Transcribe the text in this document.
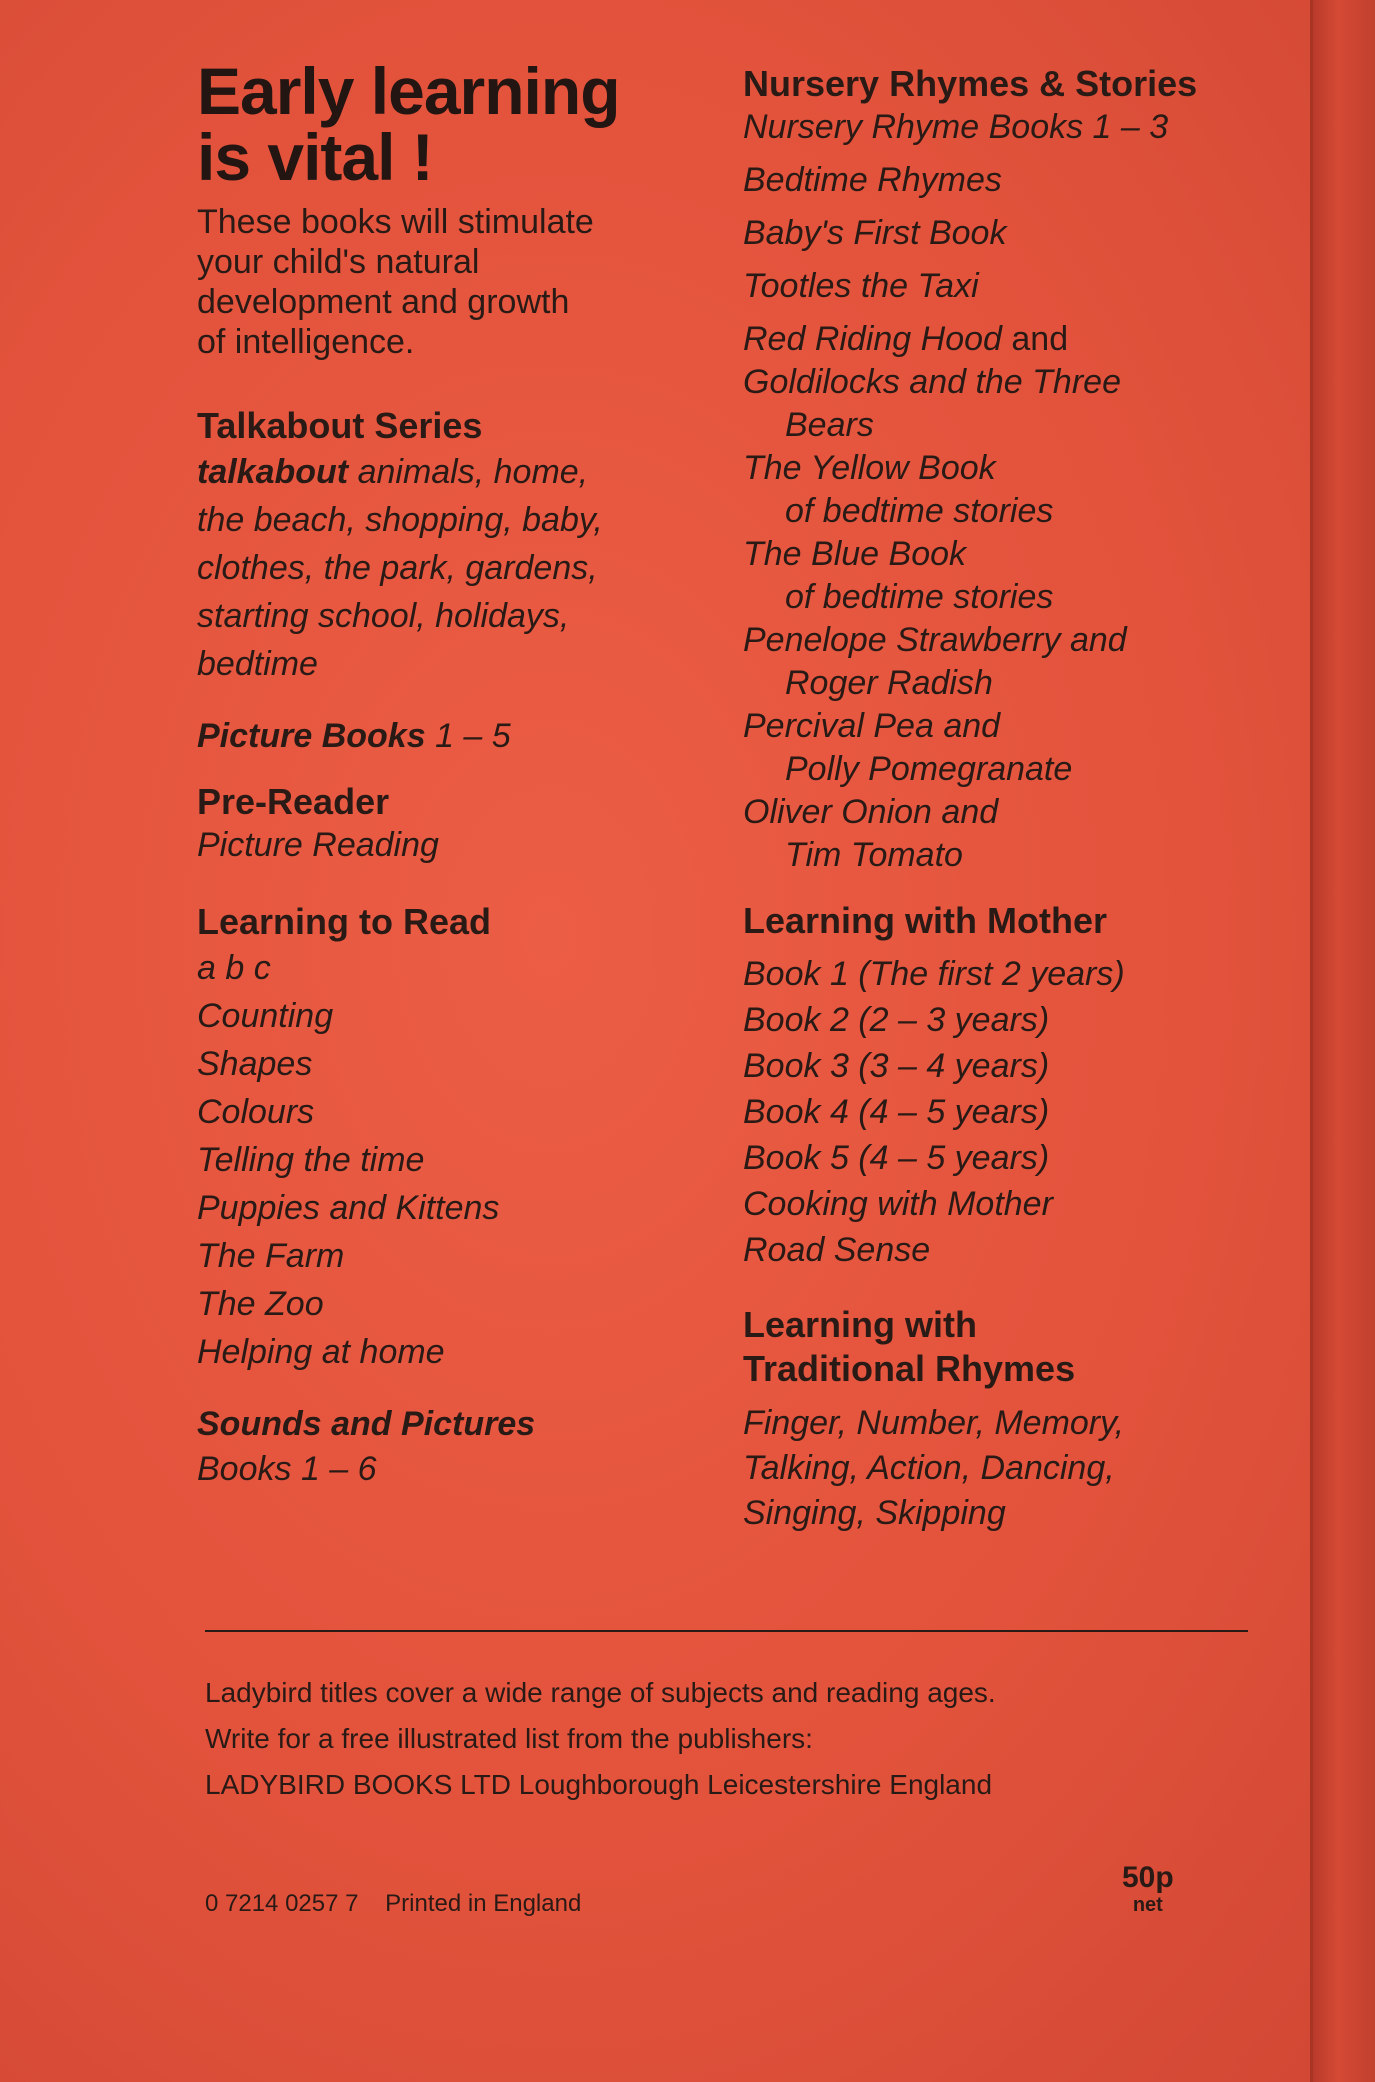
Early learning
is vital !
These books will stimulate
your child's natural
development and growth
of intelligence.
Talkabout Series
talkabout animals, home,
the beach, shopping, baby,
clothes, the park, gardens,
starting school, holidays,
bedtime
Picture Books 1 – 5
Pre-Reader
Picture Reading
Learning to Read
a b c
Counting
Shapes
Colours
Telling the time
Puppies and Kittens
The Farm
The Zoo
Helping at home
Sounds and Pictures
Books 1 – 6
Nursery Rhymes & Stories
Nursery Rhyme Books 1 – 3
Bedtime Rhymes
Baby's First Book
Tootles the Taxi
Red Riding Hood and
Goldilocks and the Three

Bears
The Yellow Book
of bedtime stories
The Blue Book
of bedtime stories
Penelope Strawberry and
Roger Radish
Percival Pea and
Polly Pomegranate
Oliver Onion and
Tim Tomato
Learning with Mother
Book 1 (The first 2 years)
Book 2 (2 – 3 years)
Book 3 (3 – 4 years)
Book 4 (4 – 5 years)
Book 5 (4 – 5 years)
Cooking with Mother
Road Sense
Learning with
Traditional Rhymes
Finger, Number, Memory,
Talking, Action, Dancing,
Singing, Skipping
Ladybird titles cover a wide range of subjects and reading ages.
Write for a free illustrated list from the publishers:
LADYBIRD BOOKS LTD Loughborough Leicestershire England
0 7214 0257 7 Printed in England
50p
net
